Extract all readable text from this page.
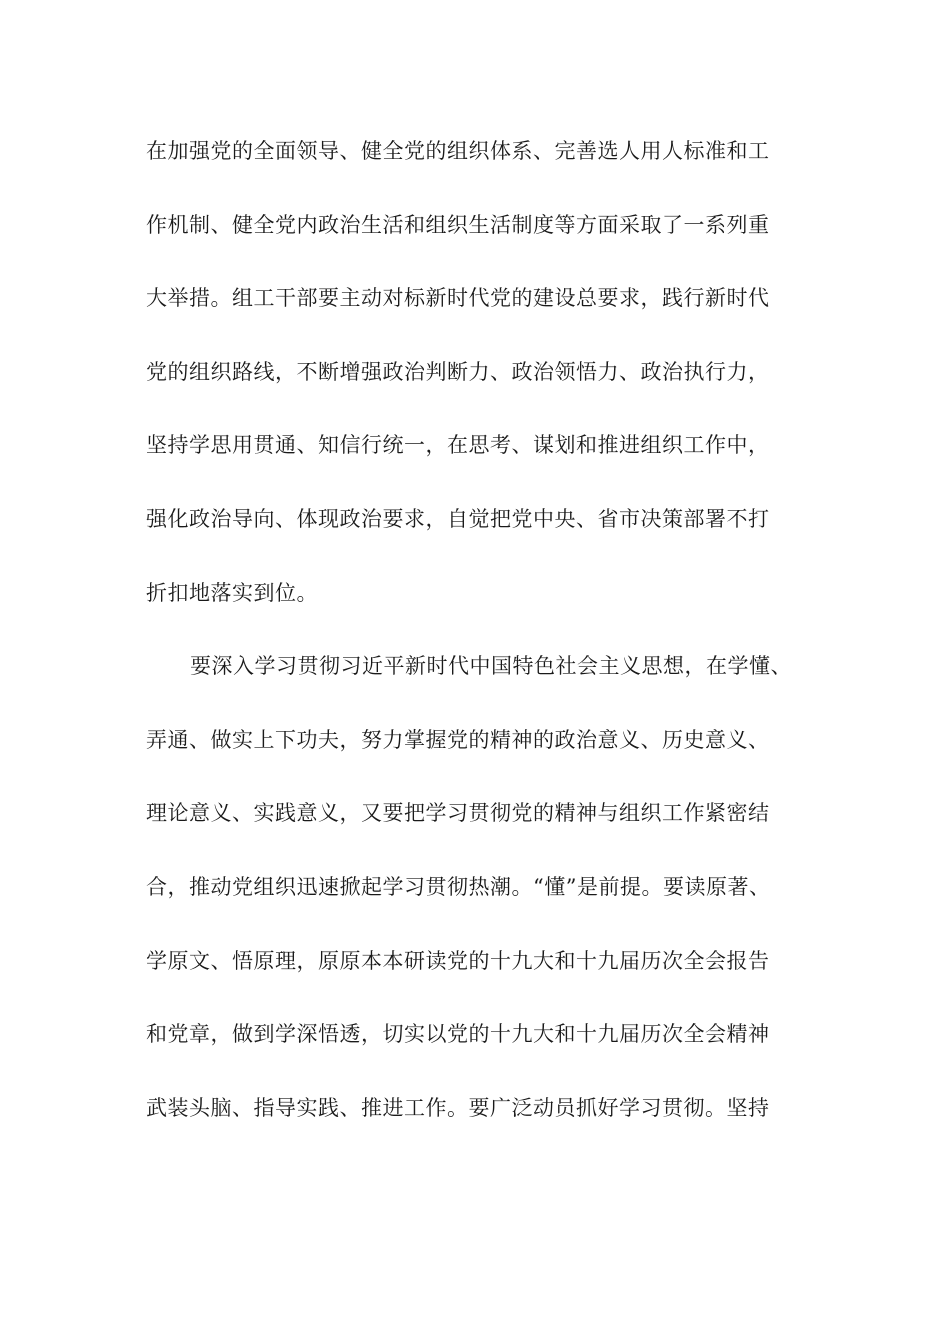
在加强党的全面领导、健全党的组织体系、完善选人用人标准和工
作机制、健全党内政治生活和组织生活制度等方面采取了一系列重
大举措。组工干部要主动对标新时代党的建设总要求，践行新时代
党的组织路线，不断增强政治判断力、政治领悟力、政治执行力，
坚持学思用贯通、知信行统一，在思考、谋划和推进组织工作中，
强化政治导向、体现政治要求，自觉把党中央、省市决策部署不打
折扣地落实到位。
要深入学习贯彻习近平新时代中国特色社会主义思想，在学懂、
弄通、做实上下功夫，努力掌握党的精神的政治意义、历史意义、
理论意义、实践意义，又要把学习贯彻党的精神与组织工作紧密结
合，推动党组织迅速掀起学习贯彻热潮。“懂”是前提。要读原著、
学原文、悟原理，原原本本研读党的十九大和十九届历次全会报告
和党章，做到学深悟透，切实以党的十九大和十九届历次全会精神
武装头脑、指导实践、推进工作。要广泛动员抓好学习贯彻。坚持
